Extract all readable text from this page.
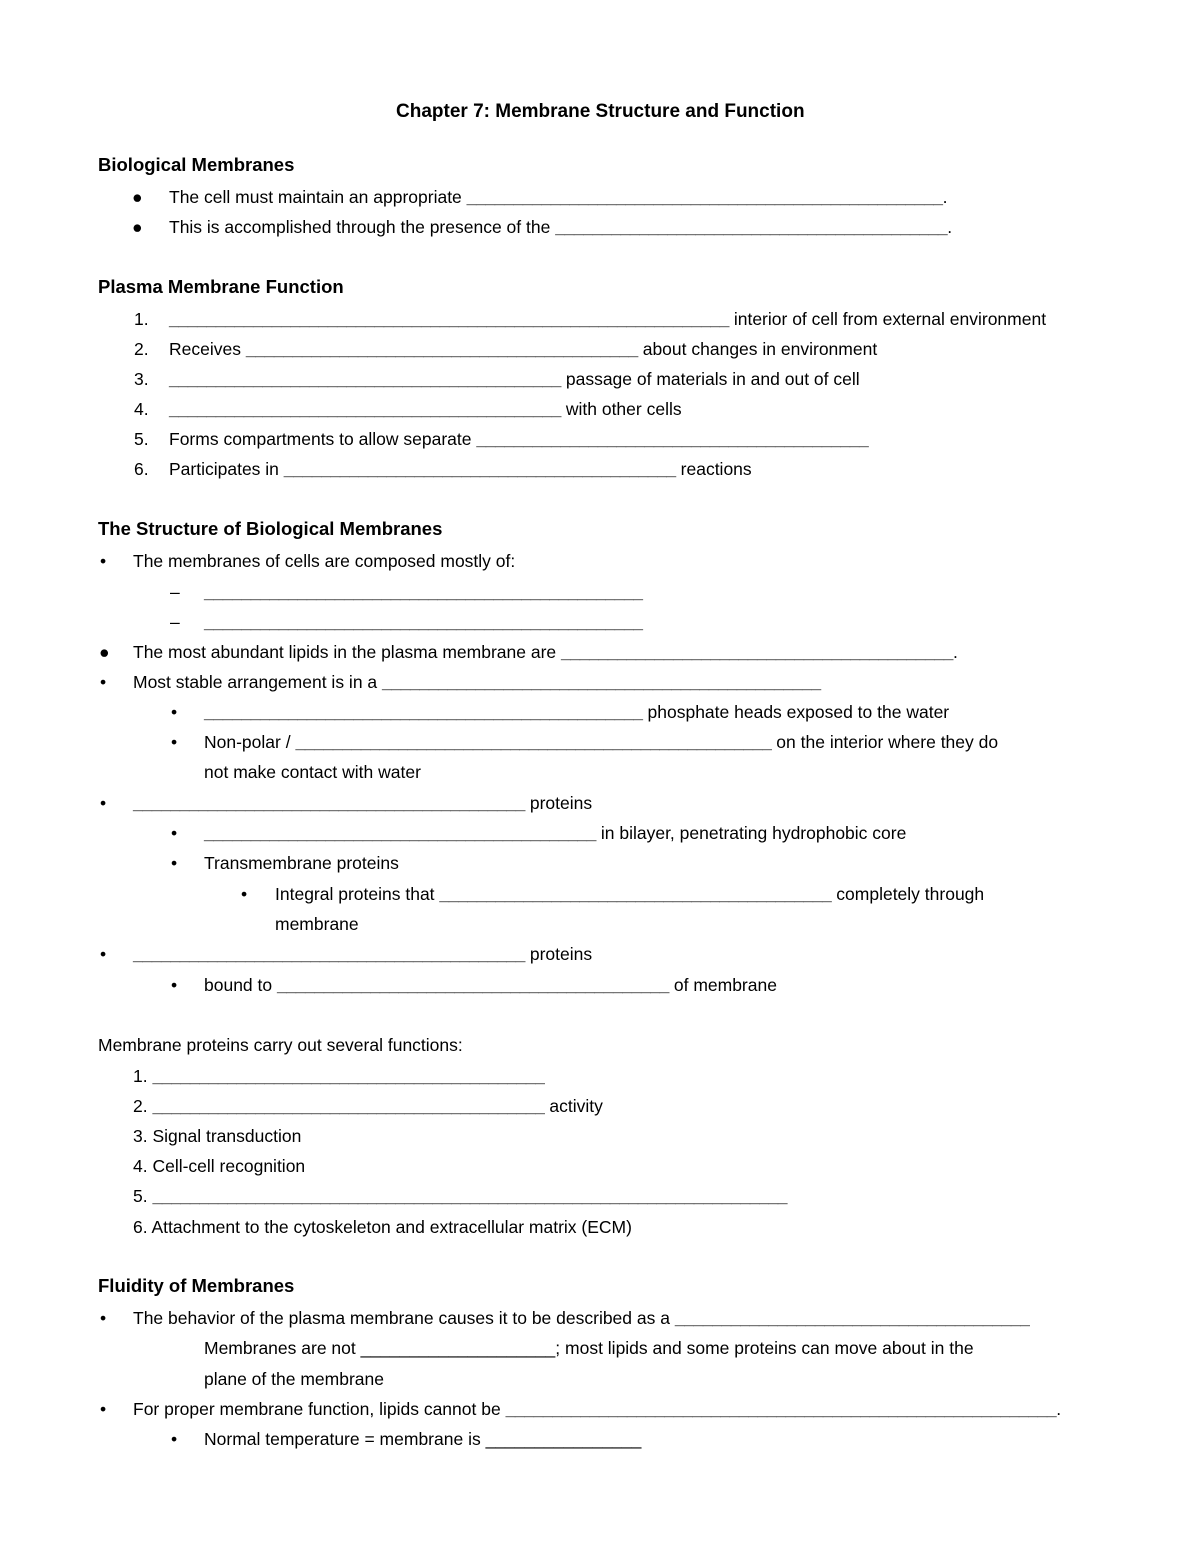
Chapter 7: Membrane Structure and Function
Biological Membranes
● The cell must maintain an appropriate ___________________________________________________.
● This is accomplished through the presence of the __________________________________________.
Plasma Membrane Function
1. ____________________________________________________________ interior of cell from external environment
2. Receives __________________________________________ about changes in environment
3. __________________________________________ passage of materials in and out of cell
4. __________________________________________ with other cells
5. Forms compartments to allow separate __________________________________________
6. Participates in __________________________________________ reactions
The Structure of Biological Membranes
• The membranes of cells are composed mostly of:
– _______________________________________________
– _______________________________________________
● The most abundant lipids in the plasma membrane are __________________________________________.
• Most stable arrangement is in a _______________________________________________
• _______________________________________________ phosphate heads exposed to the water
• Non-polar / ___________________________________________________ on the interior where they do
not make contact with water
• __________________________________________ proteins
• __________________________________________ in bilayer, penetrating hydrophobic core
• Transmembrane proteins
• Integral proteins that __________________________________________ completely through
membrane
• __________________________________________ proteins
• bound to __________________________________________ of membrane
Membrane proteins carry out several functions:
1. __________________________________________
2. __________________________________________ activity
3. Signal transduction
4. Cell-cell recognition
5. ____________________________________________________________________
6. Attachment to the cytoskeleton and extracellular matrix (ECM)
Fluidity of Membranes
• The behavior of the plasma membrane causes it to be described as a ______________________________________
Membranes are not ____________________; most lipids and some proteins can move about in the
plane of the membrane
• For proper membrane function, lipids cannot be ___________________________________________________________.
• Normal temperature = membrane is ________________
